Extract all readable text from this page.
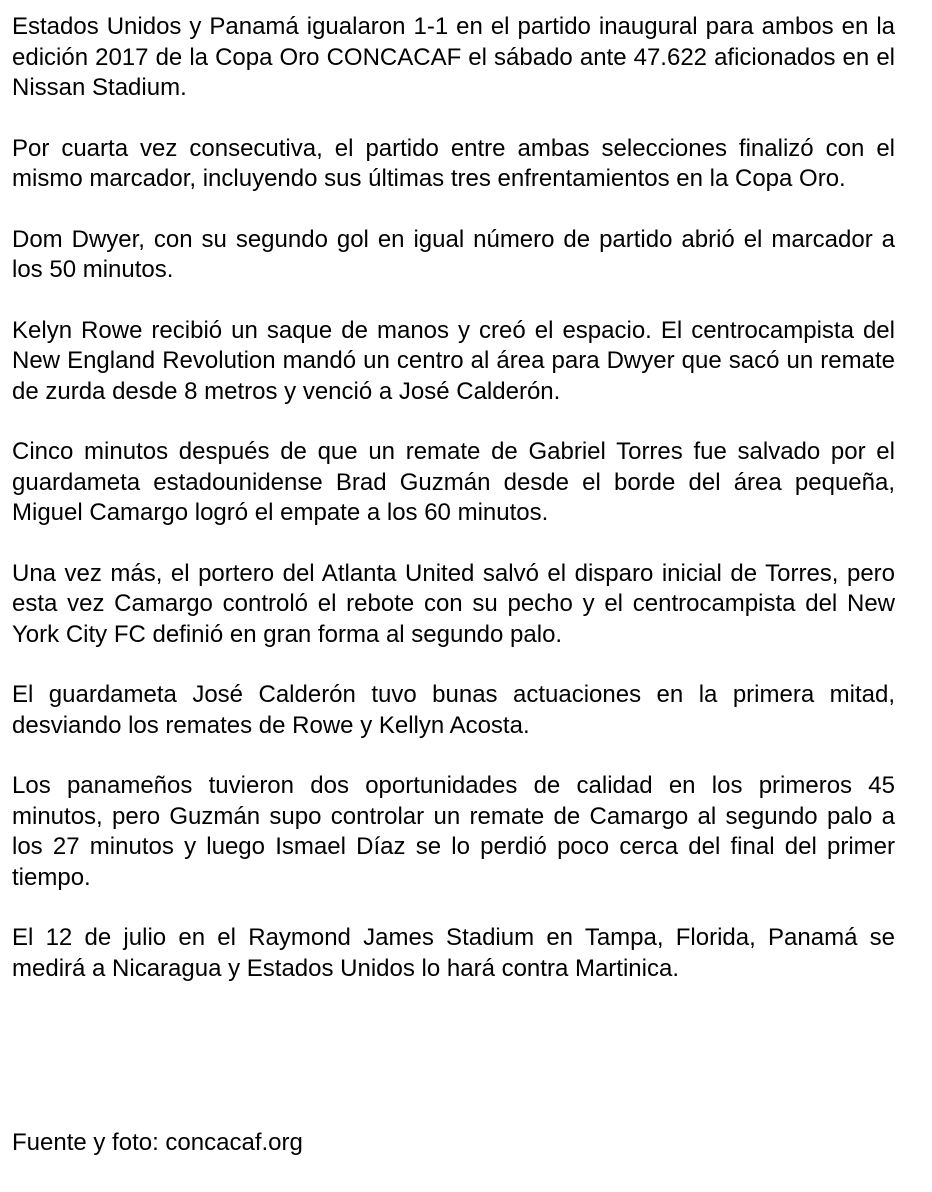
Estados Unidos y Panamá igualaron 1-1 en el partido inaugural para ambos en la edición 2017 de la Copa Oro CONCACAF el sábado ante 47.622 aficionados en el Nissan Stadium.

Por cuarta vez consecutiva, el partido entre ambas selecciones finalizó con el mismo marcador, incluyendo sus últimas tres enfrentamientos en la Copa Oro.

Dom Dwyer, con su segundo gol en igual número de partido abrió el marcador a los 50 minutos.

Kelyn Rowe recibió un saque de manos y creó el espacio. El centrocampista del New England Revolution mandó un centro al área para Dwyer que sacó un remate de zurda desde 8 metros y venció a José Calderón.

Cinco minutos después de que un remate de Gabriel Torres fue salvado por el guardameta estadounidense Brad Guzmán desde el borde del área pequeña, Miguel Camargo logró el empate a los 60 minutos.

Una vez más, el portero del Atlanta United salvó el disparo inicial de Torres, pero esta vez Camargo controló el rebote con su pecho y el centrocampista del New York City FC definió en gran forma al segundo palo.

El guardameta José Calderón tuvo bunas actuaciones en la primera mitad, desviando los remates de Rowe y Kellyn Acosta.

Los panameños tuvieron dos oportunidades de calidad en los primeros 45 minutos, pero Guzmán supo controlar un remate de Camargo al segundo palo a los 27 minutos y luego Ismael Díaz se lo perdió poco cerca del final del primer tiempo.

El 12 de julio en el Raymond James Stadium en Tampa, Florida, Panamá se medirá a Nicaragua y Estados Unidos lo hará contra Martinica.

Fuente y foto: concacaf.org
